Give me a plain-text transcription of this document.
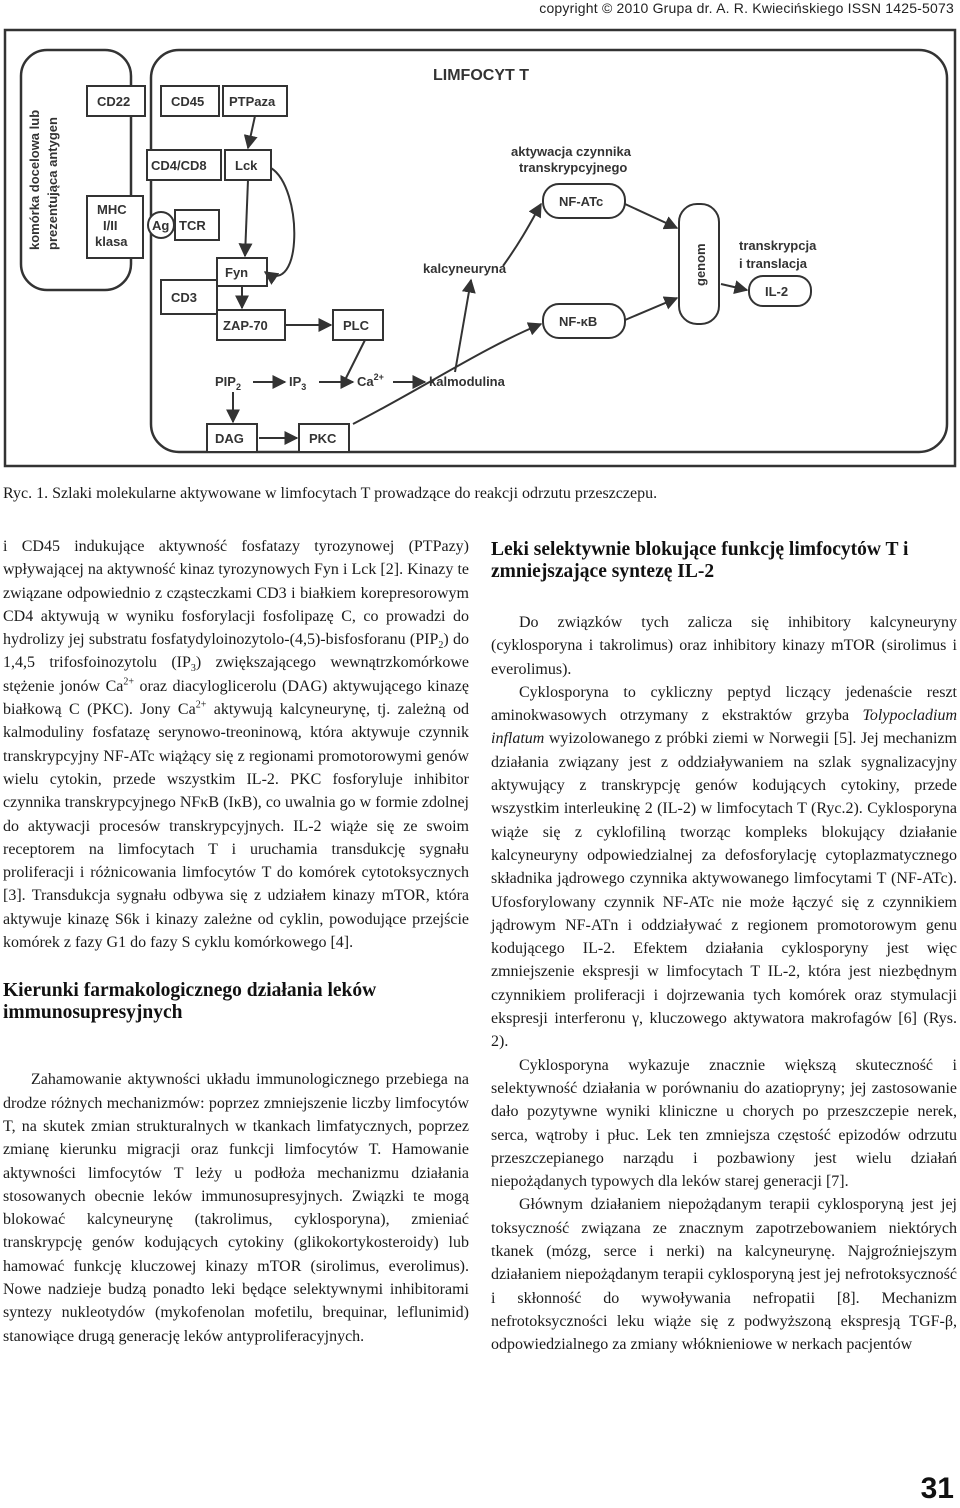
copyright © 2010 Grupa dr. A. R. Kwiecińskiego ISSN 1425-5073
komórka docelowa lub prezentująca antygen
LIMFOCYT T
CD22	CD45 PTPaza
CD4/CD8 Lck
MHC
I/II
klasa
Ag TCR
Fyn
CD3
ZAP-70	PLC
$PIP_2$	$IP_3$	$Ca^{2+}$	kalmodulina
DAG	PKC
kalcyneuryna
aktywacja czynnika
transkrypcyjnego
NF-ATc
NF-κB
genom transkrypcja
i translacja
IL-2
Ryc. 1. Szlaki molekularne aktywowane w limfocytach T prowadzące do reakcji odrzutu przeszczepu.

i CD45 indukujące aktywność fosfatazy tyrozynowej (PTPazy) wpływającej na aktywność kinaz tyrozynowych Fyn i Lck [2]. Kinazy te związane odpowiednio z cząsteczkami CD3 i białkiem korepresorowym CD4 aktywują w wyniku fosforylacji fosfolipazę C, co prowadzi do hydrolizy jej substratu fosfatydyloinozytolo-(4,5)-bisfosforanu $(PIP_2)$ do 1,4,5 trifosfoinozytolu $(IP_3)$ zwiększającego wewnątrzkomórkowe stężenie jonów $Ca^{2+}$ oraz diacyloglicerolu (DAG) aktywującego kinazę białkową C (PKC). Jony $Ca^{2+}$ aktywują kalcyneurynę, tj. zależną od kalmoduliny fosfatazę serynowo-treoninową, która aktywuje czynnik transkrypcyjny NF-ATc wiążący się z regionami promotorowymi genów wielu cytokin, przede wszystkim IL-2. PKC fosforyluje inhibitor czynnika transkrypcyjnego NFκB (IκB), co uwalnia go w formie zdolnej do aktywacji procesów transkrypcyjnych. IL-2 wiąże się ze swoim receptorem na limfocytach T i uruchamia transdukcję sygnału proliferacji i różnicowania limfocytów T do komórek cytotoksycznych [3]. Transdukcja sygnału odbywa się z udziałem kinazy mTOR, która aktywuje kinazę S6k i kinazy zależne od cyklin, powodujące przejście komórek z fazy G1 do fazy S cyklu komórkowego [4].

Kierunki farmakologicznego działania leków immunosupresyjnych

Zahamowanie aktywności układu immunologicznego przebiega na drodze różnych mechanizmów: poprzez zmniejszenie liczby limfocytów T, na skutek zmian strukturalnych w tkankach limfatycznych, poprzez zmianę kierunku migracji oraz funkcji limfocytów T. Hamowanie aktywności limfocytów T leży u podłoża mechanizmu działania stosowanych obecnie leków immunosupresyjnych. Związki te mogą blokować kalcyneurynę (takrolimus, cyklosporyna), zmieniać transkrypcję genów kodujących cytokiny (glikokortykosteroidy) lub hamować funkcję kluczowej kinazy mTOR (sirolimus, everolimus). Nowe nadzieje budzą ponadto leki będące selektywnymi inhibitorami syntezy nukleotydów (mykofenolan mofetilu, brequinar, leflunimid) stanowiące drugą generację leków antyproliferacyjnych.

Leki selektywnie blokujące funkcję limfocytów T i zmniejszające syntezę IL-2

Do związków tych zalicza się inhibitory kalcyneuryny (cyklosporyna i takrolimus) oraz inhibitory kinazy mTOR (sirolimus i everolimus).

Cyklosporyna to cykliczny peptyd liczący jedenaście reszt aminokwasowych otrzymany z ekstraktów grzyba Tolypocladium inflatum wyizolowanego z próbki ziemi w Norwegii [5]. Jej mechanizm działania związany jest z oddziaływaniem na szlak sygnalizacyjny aktywujący z transkrypcję genów kodujących cytokiny, przede wszystkim interleukinę 2 (IL-2) w limfocytach T (Ryc.2). Cyklosporyna wiąże się z cyklofiliną tworząc kompleks blokujący działanie kalcyneuryny odpowiedzialnej za defosforylację cytoplazmatycznego składnika jądrowego czynnika aktywowanego limfocytami T (NF-ATc). Ufosforylowany czynnik NF-ATc nie może łączyć się z czynnikiem jądrowym NF-ATn i oddziaływać z regionem promotorowym genu kodującego IL-2. Efektem działania cyklosporyny jest więc zmniejszenie ekspresji w limfocytach T IL-2, która jest niezbędnym czynnikiem proliferacji i dojrzewania tych komórek oraz stymulacji ekspresji interferonu γ, kluczowego aktywatora makrofagów [6] (Rys. 2).

Cyklosporyna wykazuje znacznie większą skuteczność i selektywność działania w porównaniu do azatiopryny; jej zastosowanie dało pozytywne wyniki kliniczne u chorych po przeszczepie nerek, serca, wątroby i płuc. Lek ten zmniejsza częstość epizodów odrzutu przeszczepianego narządu i pozbawiony jest wielu działań niepożądanych typowych dla leków starej generacji [7].

Głównym działaniem niepożądanym terapii cyklosporyną jest jej toksyczność związana ze znacznym zapotrzebowaniem niektórych tkanek (mózg, serce i nerki) na kalcyneurynę. Najgroźniejszym działaniem niepożądanym terapii cyklosporyną jest jej nefrotoksyczność i skłonność do wywoływania nefropatii [8]. Mechanizm nefrotoksyczności leku wiąże się z podwyższoną ekspresją TGF-β, odpowiedzialnego za zmiany włóknieniowe w nerkach pacjentów

31
